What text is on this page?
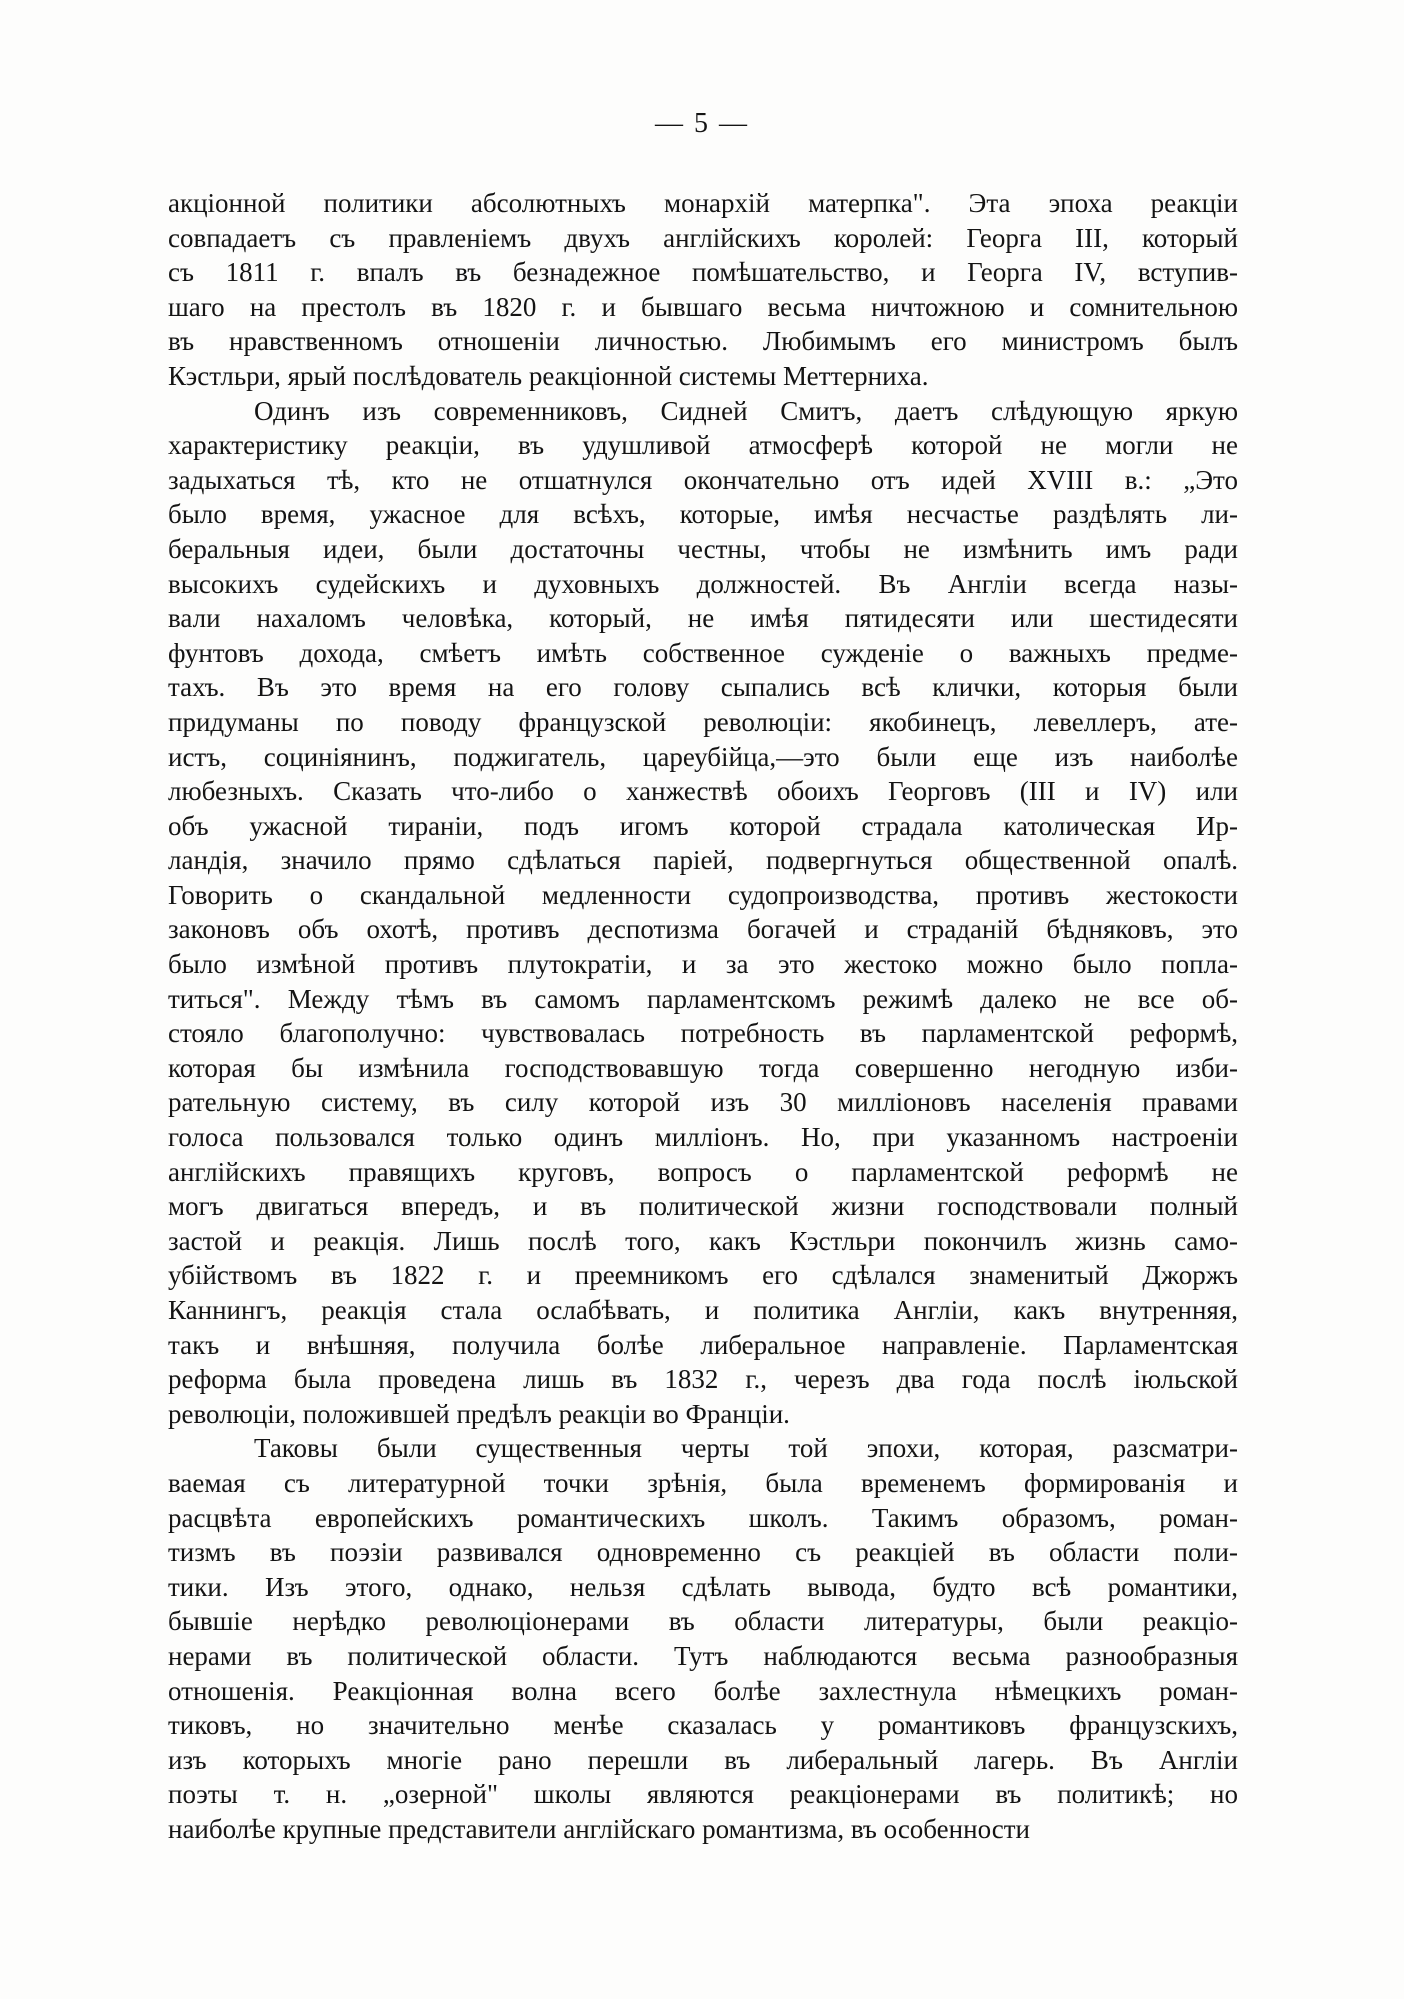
— 5 —
акціонной политики абсолютныхъ монархій матерпка". Эта эпоха реакціи
совпадаетъ съ правленіемъ двухъ англійскихъ королей: Георга III, который
съ 1811 г. впалъ въ безнадежное помѣшательство, и Георга IV, вступив-
шаго на престолъ въ 1820 г. и бывшаго весьма ничтожною и сомнительною
въ нравственномъ отношеніи личностью. Любимымъ его министромъ былъ
Кэстльри, ярый послѣдователь реакціонной системы Меттерниха.
Одинъ изъ современниковъ, Сидней Смитъ, даетъ слѣдующую яркую
характеристику реакціи, въ удушливой атмосферѣ которой не могли не
задыхаться тѣ, кто не отшатнулся окончательно отъ идей XVIII в.: „Это
было время, ужасное для всѣхъ, которые, имѣя несчастье раздѣлять ли-
беральныя идеи, были достаточны честны, чтобы не измѣнить имъ ради
высокихъ судейскихъ и духовныхъ должностей. Въ Англіи всегда назы-
вали нахаломъ человѣка, который, не имѣя пятидесяти или шестидесяти
фунтовъ дохода, смѣетъ имѣть собственное сужденіе о важныхъ предме-
тахъ. Въ это время на его голову сыпались всѣ клички, которыя были
придуманы по поводу французской революціи: якобинецъ, левеллеръ, ате-
истъ, социніянинъ, поджигатель, цареубійца,—это были еще изъ наиболѣе
любезныхъ. Сказать что-либо о ханжествѣ обоихъ Георговъ (III и IV) или
объ ужасной тираніи, подъ игомъ которой страдала католическая Ир-
ландія, значило прямо сдѣлаться паріей, подвергнуться общественной опалѣ.
Говорить о скандальной медленности судопроизводства, противъ жестокости
законовъ объ охотѣ, противъ деспотизма богачей и страданій бѣдняковъ, это
было измѣной противъ плутократіи, и за это жестоко можно было попла-
титься". Между тѣмъ въ самомъ парламентскомъ режимѣ далеко не все об-
стояло благополучно: чувствовалась потребность въ парламентской реформѣ,
которая бы измѣнила господствовавшую тогда совершенно негодную изби-
рательную систему, въ силу которой изъ 30 милліоновъ населенія правами
голоса пользовался только одинъ милліонъ. Но, при указанномъ настроеніи
англійскихъ правящихъ круговъ, вопросъ о парламентской реформѣ не
могъ двигаться впередъ, и въ политической жизни господствовали полный
застой и реакція. Лишь послѣ того, какъ Кэстльри покончилъ жизнь само-
убійствомъ въ 1822 г. и преемникомъ его сдѣлался знаменитый Джоржъ
Каннингъ, реакція стала ослабѣвать, и политика Англіи, какъ внутренняя,
такъ и внѣшняя, получила болѣе либеральное направленіе. Парламентская
реформа была проведена лишь въ 1832 г., черезъ два года послѣ іюльской
революціи, положившей предѣлъ реакціи во Франціи.
Таковы были существенныя черты той эпохи, которая, разсматри-
ваемая съ литературной точки зрѣнія, была временемъ формированія и
расцвѣта европейскихъ романтическихъ школъ. Такимъ образомъ, роман-
тизмъ въ поэзіи развивался одновременно съ реакціей въ области поли-
тики. Изъ этого, однако, нельзя сдѣлать вывода, будто всѣ романтики,
бывшіе нерѣдко революціонерами въ области литературы, были реакціо-
нерами въ политической области. Тутъ наблюдаются весьма разнообразныя
отношенія. Реакціонная волна всего болѣе захлестнула нѣмецкихъ роман-
тиковъ, но значительно менѣе сказалась у романтиковъ французскихъ,
изъ которыхъ многіе рано перешли въ либеральный лагерь. Въ Англіи
поэты т. н. „озерной" школы являются реакціонерами въ политикѣ; но
наиболѣе крупные представители англійскаго романтизма, въ особенности
